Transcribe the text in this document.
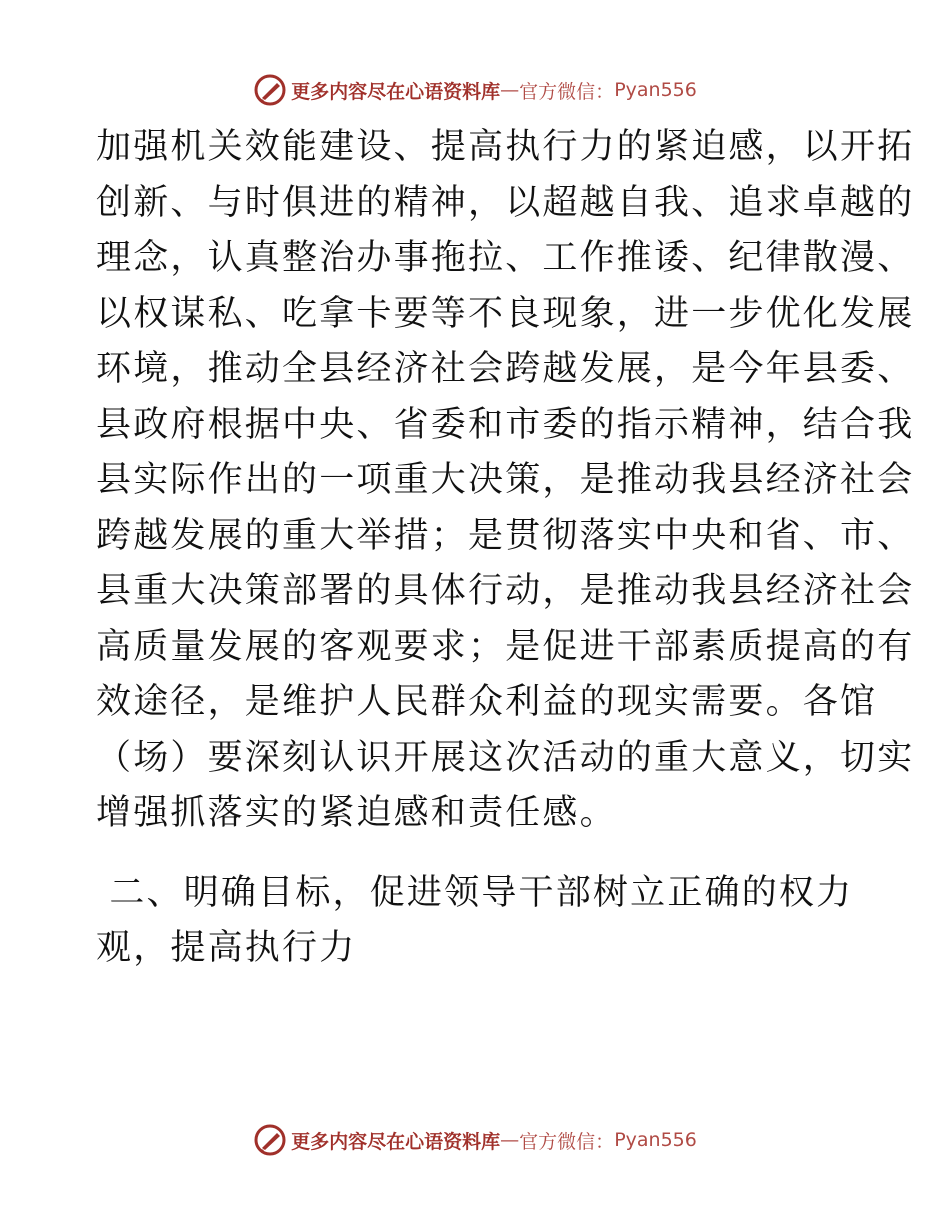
更多内容尽在心语资料库 — 官方微信： Pyan556
加强机关效能建设、提高执行力的紧迫感，以开拓
创新、与时俱进的精神，以超越自我、追求卓越的
理念，认真整治办事拖拉、工作推诿、纪律散漫、
以权谋私、吃拿卡要等不良现象，进一步优化发展
环境，推动全县经济社会跨越发展，是今年县委、
县政府根据中央、省委和市委的指示精神，结合我
县实际作出的一项重大决策，是推动我县经济社会
跨越发展的重大举措；是贯彻落实中央和省、市、
县重大决策部署的具体行动，是推动我县经济社会
高质量发展的客观要求；是促进干部素质提高的有
效途径，是维护人民群众利益的现实需要。各馆
（场）要深刻认识开展这次活动的重大意义，切实
增强抓落实的紧迫感和责任感。
二、明确目标，促进领导干部树立正确的权力
观，提高执行力
更多内容尽在心语资料库 — 官方微信： Pyan556
